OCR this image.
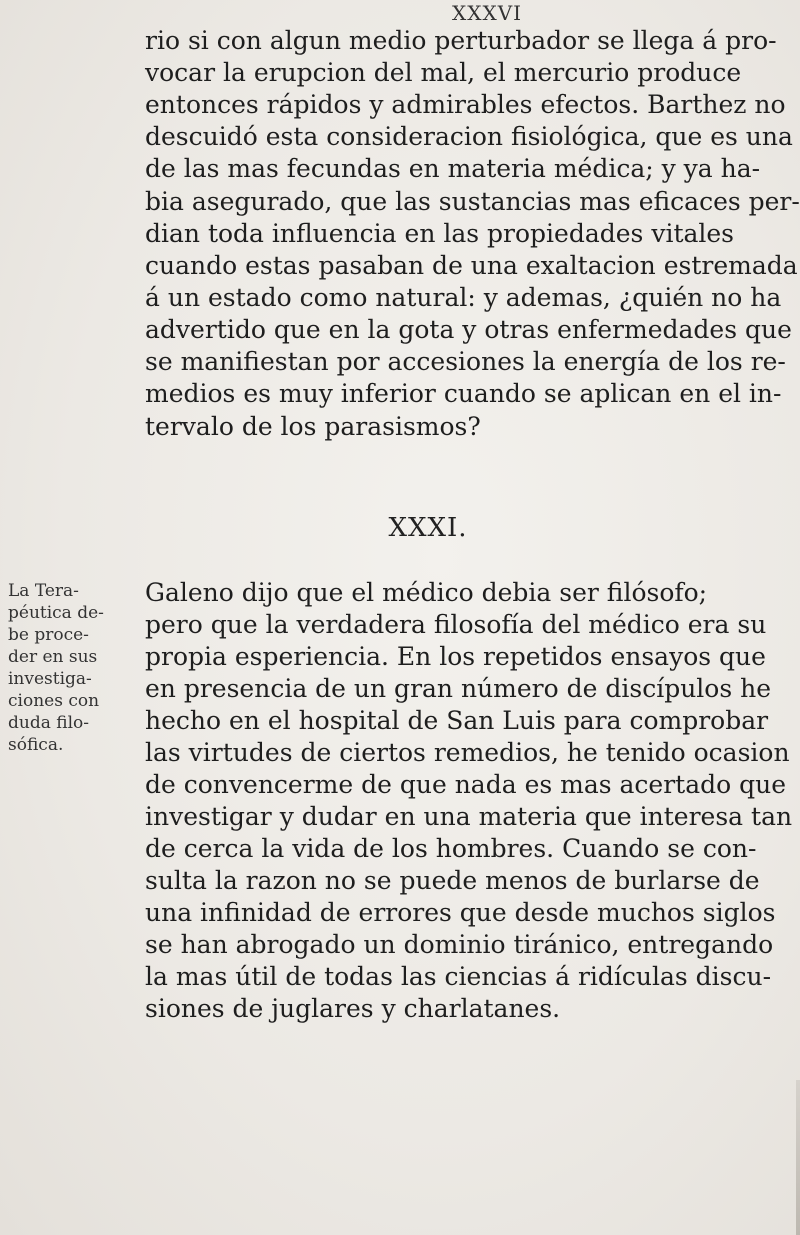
XXXVI
rio si con algun medio perturbador se llega á pro-
vocar la erupcion del mal, el mercurio produce
entonces rápidos y admirables efectos. Barthez no
descuidó esta consideracion fisiológica, que es una
de las mas fecundas en materia médica; y ya ha-
bia asegurado, que las sustancias mas eficaces per-
dian toda influencia en las propiedades vitales
cuando estas pasaban de una exaltacion estremada
á un estado como natural: y ademas, ¿quién no ha
advertido que en la gota y otras enfermedades que
se manifiestan por accesiones la energía de los re-
medios es muy inferior cuando se aplican en el in-
tervalo de los parasismos?
XXXI.
La Tera-
péutica de-
be proce-
der en sus
investiga-
ciones con
duda filo-
sófica.
Galeno dijo que el médico debia ser filósofo;
pero que la verdadera filosofía del médico era su
propia esperiencia. En los repetidos ensayos que
en presencia de un gran número de discípulos he
hecho en el hospital de San Luis para comprobar
las virtudes de ciertos remedios, he tenido ocasion
de convencerme de que nada es mas acertado que
investigar y dudar en una materia que interesa tan
de cerca la vida de los hombres. Cuando se con-
sulta la razon no se puede menos de burlarse de
una infinidad de errores que desde muchos siglos
se han abrogado un dominio tiránico, entregando
la mas útil de todas las ciencias á ridículas discu-
siones de juglares y charlatanes.
